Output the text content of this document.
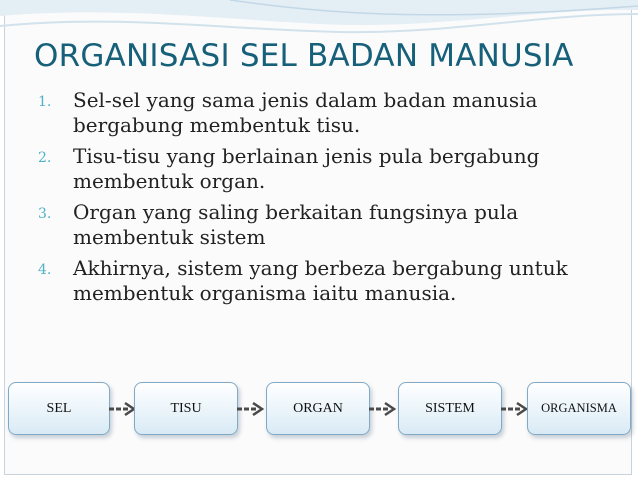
ORGANISASI SEL BADAN MANUSIA
1.	Sel-sel yang sama jenis dalam badan manusia
bergabung membentuk tisu.
2.	Tisu-tisu yang berlainan jenis pula bergabung
membentuk organ.
3.	Organ yang saling berkaitan fungsinya pula
membentuk sistem
4.	Akhirnya, sistem yang berbeza bergabung untuk
membentuk organisma iaitu manusia.
SEL	TISU	ORGAN	SISTEM	ORGANISMA
